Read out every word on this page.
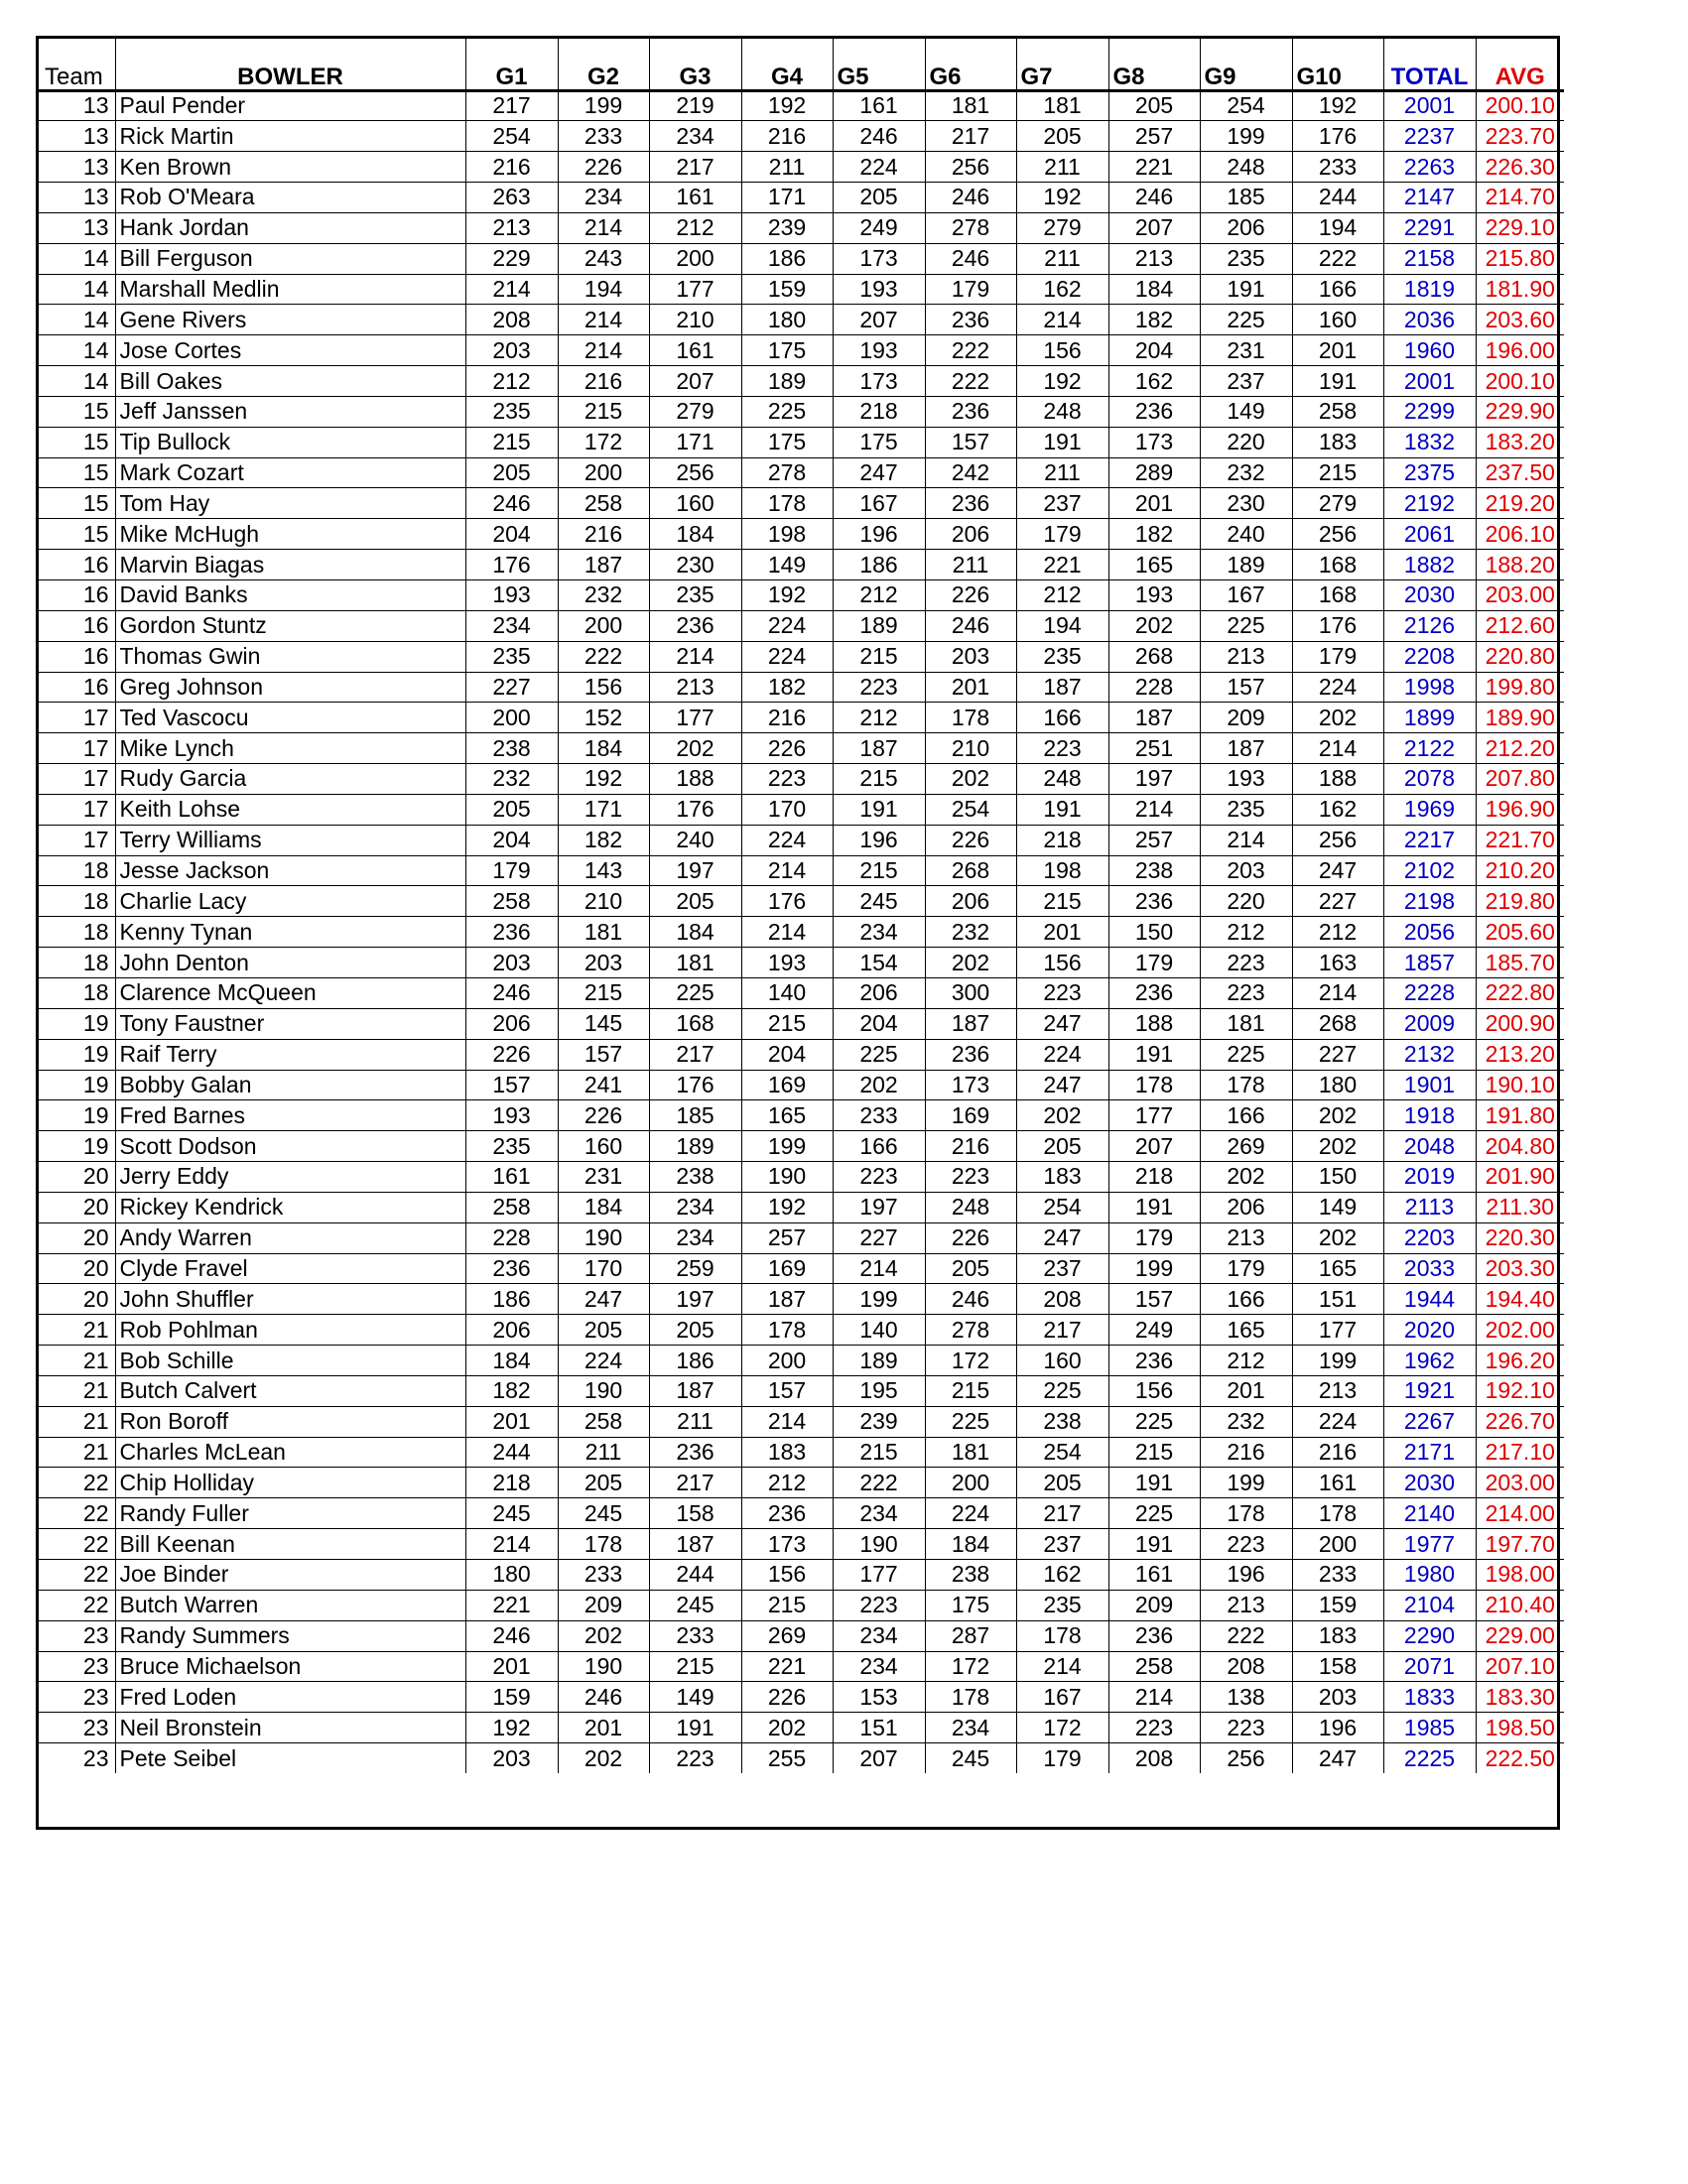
Team	BOWLER	G1	G2	G3	G4	G5	G6	G7	G8	G9	G10	TOTAL	AVG
13	Paul Pender	217	199	219	192	161	181	181	205	254	192	2001	200.10
13	Rick Martin	254	233	234	216	246	217	205	257	199	176	2237	223.70
13	Ken Brown	216	226	217	211	224	256	211	221	248	233	2263	226.30
13	Rob O'Meara	263	234	161	171	205	246	192	246	185	244	2147	214.70
13	Hank Jordan	213	214	212	239	249	278	279	207	206	194	2291	229.10
14	Bill Ferguson	229	243	200	186	173	246	211	213	235	222	2158	215.80
14	Marshall Medlin	214	194	177	159	193	179	162	184	191	166	1819	181.90
14	Gene Rivers	208	214	210	180	207	236	214	182	225	160	2036	203.60
14	Jose Cortes	203	214	161	175	193	222	156	204	231	201	1960	196.00
14	Bill Oakes	212	216	207	189	173	222	192	162	237	191	2001	200.10
15	Jeff Janssen	235	215	279	225	218	236	248	236	149	258	2299	229.90
15	Tip Bullock	215	172	171	175	175	157	191	173	220	183	1832	183.20
15	Mark Cozart	205	200	256	278	247	242	211	289	232	215	2375	237.50
15	Tom Hay	246	258	160	178	167	236	237	201	230	279	2192	219.20
15	Mike McHugh	204	216	184	198	196	206	179	182	240	256	2061	206.10
16	Marvin Biagas	176	187	230	149	186	211	221	165	189	168	1882	188.20
16	David Banks	193	232	235	192	212	226	212	193	167	168	2030	203.00
16	Gordon Stuntz	234	200	236	224	189	246	194	202	225	176	2126	212.60
16	Thomas Gwin	235	222	214	224	215	203	235	268	213	179	2208	220.80
16	Greg Johnson	227	156	213	182	223	201	187	228	157	224	1998	199.80
17	Ted Vascocu	200	152	177	216	212	178	166	187	209	202	1899	189.90
17	Mike Lynch	238	184	202	226	187	210	223	251	187	214	2122	212.20
17	Rudy Garcia	232	192	188	223	215	202	248	197	193	188	2078	207.80
17	Keith Lohse	205	171	176	170	191	254	191	214	235	162	1969	196.90
17	Terry Williams	204	182	240	224	196	226	218	257	214	256	2217	221.70
18	Jesse Jackson	179	143	197	214	215	268	198	238	203	247	2102	210.20
18	Charlie Lacy	258	210	205	176	245	206	215	236	220	227	2198	219.80
18	Kenny Tynan	236	181	184	214	234	232	201	150	212	212	2056	205.60
18	John Denton	203	203	181	193	154	202	156	179	223	163	1857	185.70
18	Clarence McQueen	246	215	225	140	206	300	223	236	223	214	2228	222.80
19	Tony Faustner	206	145	168	215	204	187	247	188	181	268	2009	200.90
19	Raif Terry	226	157	217	204	225	236	224	191	225	227	2132	213.20
19	Bobby Galan	157	241	176	169	202	173	247	178	178	180	1901	190.10
19	Fred Barnes	193	226	185	165	233	169	202	177	166	202	1918	191.80
19	Scott Dodson	235	160	189	199	166	216	205	207	269	202	2048	204.80
20	Jerry Eddy	161	231	238	190	223	223	183	218	202	150	2019	201.90
20	Rickey Kendrick	258	184	234	192	197	248	254	191	206	149	2113	211.30
20	Andy Warren	228	190	234	257	227	226	247	179	213	202	2203	220.30
20	Clyde Fravel	236	170	259	169	214	205	237	199	179	165	2033	203.30
20	John Shuffler	186	247	197	187	199	246	208	157	166	151	1944	194.40
21	Rob Pohlman	206	205	205	178	140	278	217	249	165	177	2020	202.00
21	Bob Schille	184	224	186	200	189	172	160	236	212	199	1962	196.20
21	Butch Calvert	182	190	187	157	195	215	225	156	201	213	1921	192.10
21	Ron Boroff	201	258	211	214	239	225	238	225	232	224	2267	226.70
21	Charles McLean	244	211	236	183	215	181	254	215	216	216	2171	217.10
22	Chip Holliday	218	205	217	212	222	200	205	191	199	161	2030	203.00
22	Randy Fuller	245	245	158	236	234	224	217	225	178	178	2140	214.00
22	Bill Keenan	214	178	187	173	190	184	237	191	223	200	1977	197.70
22	Joe Binder	180	233	244	156	177	238	162	161	196	233	1980	198.00
22	Butch Warren	221	209	245	215	223	175	235	209	213	159	2104	210.40
23	Randy Summers	246	202	233	269	234	287	178	236	222	183	2290	229.00
23	Bruce Michaelson	201	190	215	221	234	172	214	258	208	158	2071	207.10
23	Fred Loden	159	246	149	226	153	178	167	214	138	203	1833	183.30
23	Neil Bronstein	192	201	191	202	151	234	172	223	223	196	1985	198.50
23	Pete Seibel	203	202	223	255	207	245	179	208	256	247	2225	222.50
